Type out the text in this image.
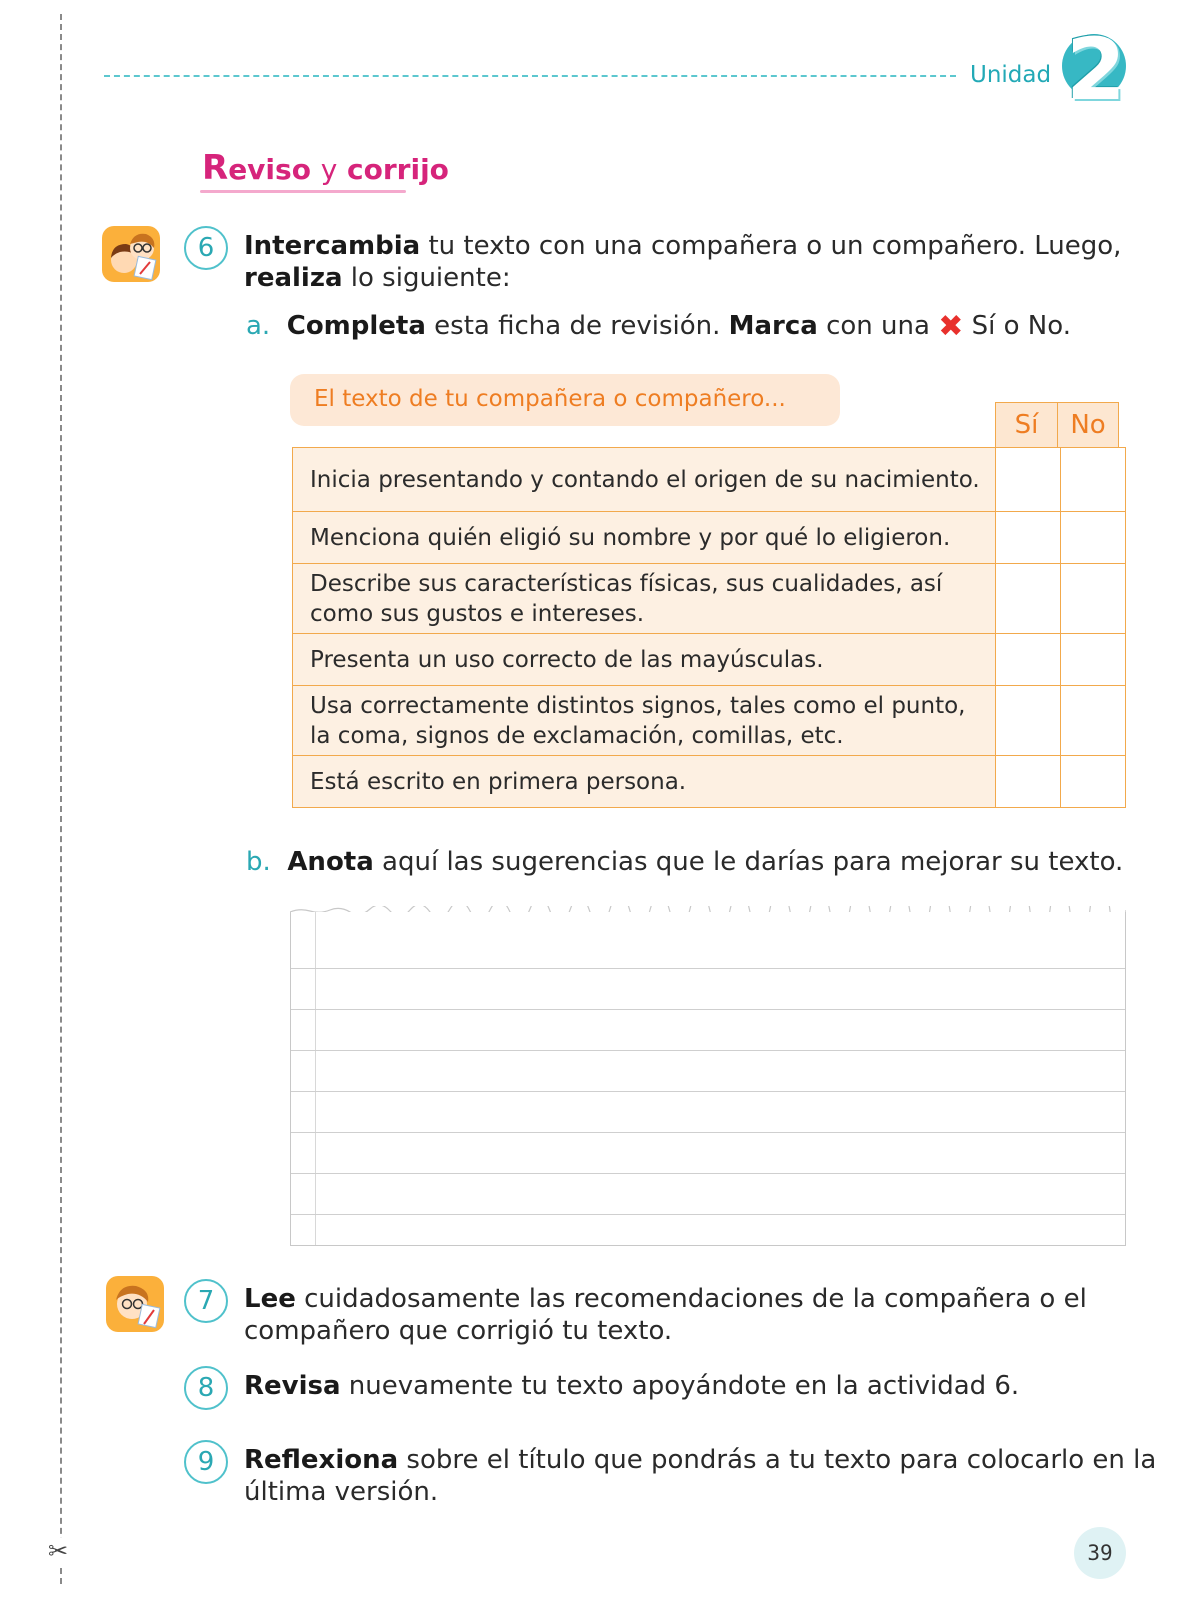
✂
Unidad 2
Reviso y corrijo
6	Intercambia tu texto con una compañera o un compañero. Luego,
realiza lo siguiente:
a. Completa esta ficha de revisión. Marca con una ✖ Sí o No.
El texto de tu compañera o compañero...
Sí	No
Inicia presentando y contando el origen de su nacimiento.		
Menciona quién eligió su nombre y por qué lo eligieron.		
Describe sus características físicas, sus cualidades, así como sus gustos e intereses.		
Presenta un uso correcto de las mayúsculas.		
Usa correctamente distintos signos, tales como el punto, la coma, signos de exclamación, comillas, etc.		
Está escrito en primera persona.		
b. Anota aquí las sugerencias que le darías para mejorar su texto.
7	Lee cuidadosamente las recomendaciones de la compañera o el
compañero que corrigió tu texto.
8	Revisa nuevamente tu texto apoyándote en la actividad 6.
9	Reflexiona sobre el título que pondrás a tu texto para colocarlo en la
última versión.
39
